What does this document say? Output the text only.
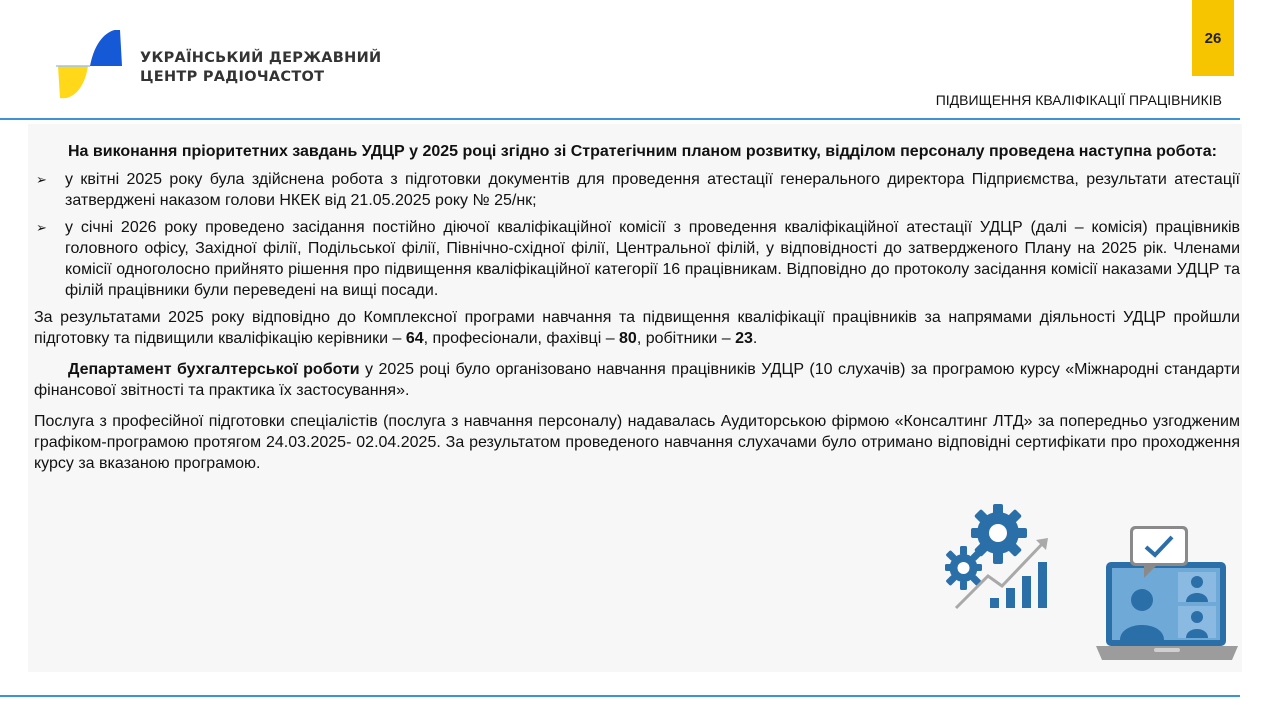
УКРАЇНСЬКИЙ ДЕРЖАВНИЙ
ЦЕНТР РАДІОЧАСТОТ
26
ПІДВИЩЕННЯ КВАЛІФІКАЦІЇ ПРАЦІВНИКІВ

На виконання пріоритетних завдань УДЦР у 2025 році згідно зі Стратегічним планом розвитку, відділом персоналу проведена наступна робота:

➢ у квітні 2025 року була здійснена робота з підготовки документів для проведення атестації генерального директора Підприємства, результати атестації затверджені наказом голови НКЕК від 21.05.2025 року № 25/нк;

➢ у січні 2026 року проведено засідання постійно діючої кваліфікаційної комісії з проведення кваліфікаційної атестації УДЦР (далі – комісія) працівників головного офісу, Західної філії, Подільської філії, Північно-східної філії, Центральної філій, у відповідності до затвердженого Плану на 2025 рік. Членами комісії одноголосно прийнято рішення про підвищення кваліфікаційної категорії 16 працівникам. Відповідно до протоколу засідання комісії наказами УДЦР та філій працівники були переведені на вищі посади.

За результатами 2025 року відповідно до Комплексної програми навчання та підвищення кваліфікації працівників за напрямами діяльності УДЦР пройшли підготовку та підвищили кваліфікацію керівники – 64, професіонали, фахівці – 80, робітники – 23.

Департамент бухгалтерської роботи у 2025 році було організовано навчання працівників УДЦР (10 слухачів) за програмою курсу «Міжнародні стандарти фінансової звітності та практика їх застосування».

Послуга з професійної підготовки спеціалістів (послуга з навчання персоналу) надавалась Аудиторською фірмою «Консалтинг ЛТД» за попередньо узгодженим графіком-програмою протягом 24.03.2025- 02.04.2025. За результатом проведеного навчання слухачами було отримано відповідні сертифікати про проходження курсу за вказаною програмою.
